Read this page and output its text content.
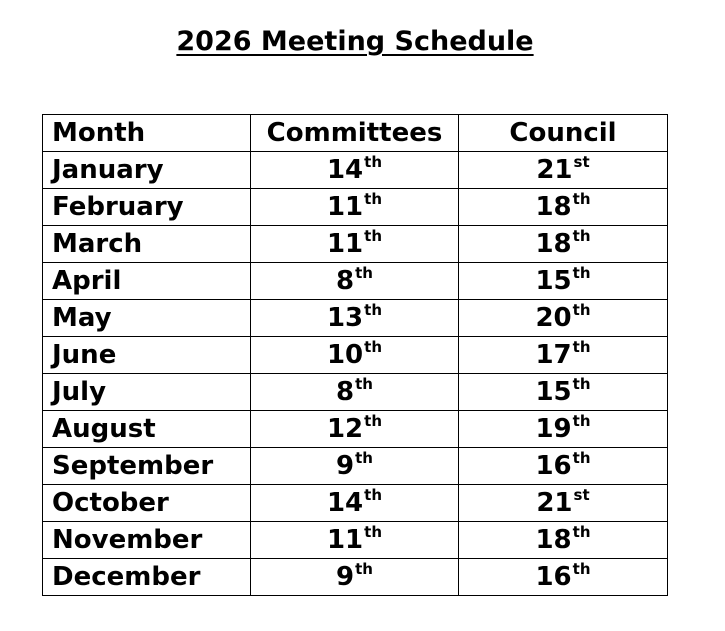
2026 Meeting Schedule
Month	Committees	Council
January	14th	21st
February	11th	18th
March	11th	18th
April	8th	15th
May	13th	20th
June	10th	17th
July	8th	15th
August	12th	19th
September	9th	16th
October	14th	21st
November	11th	18th
December	9th	16th
